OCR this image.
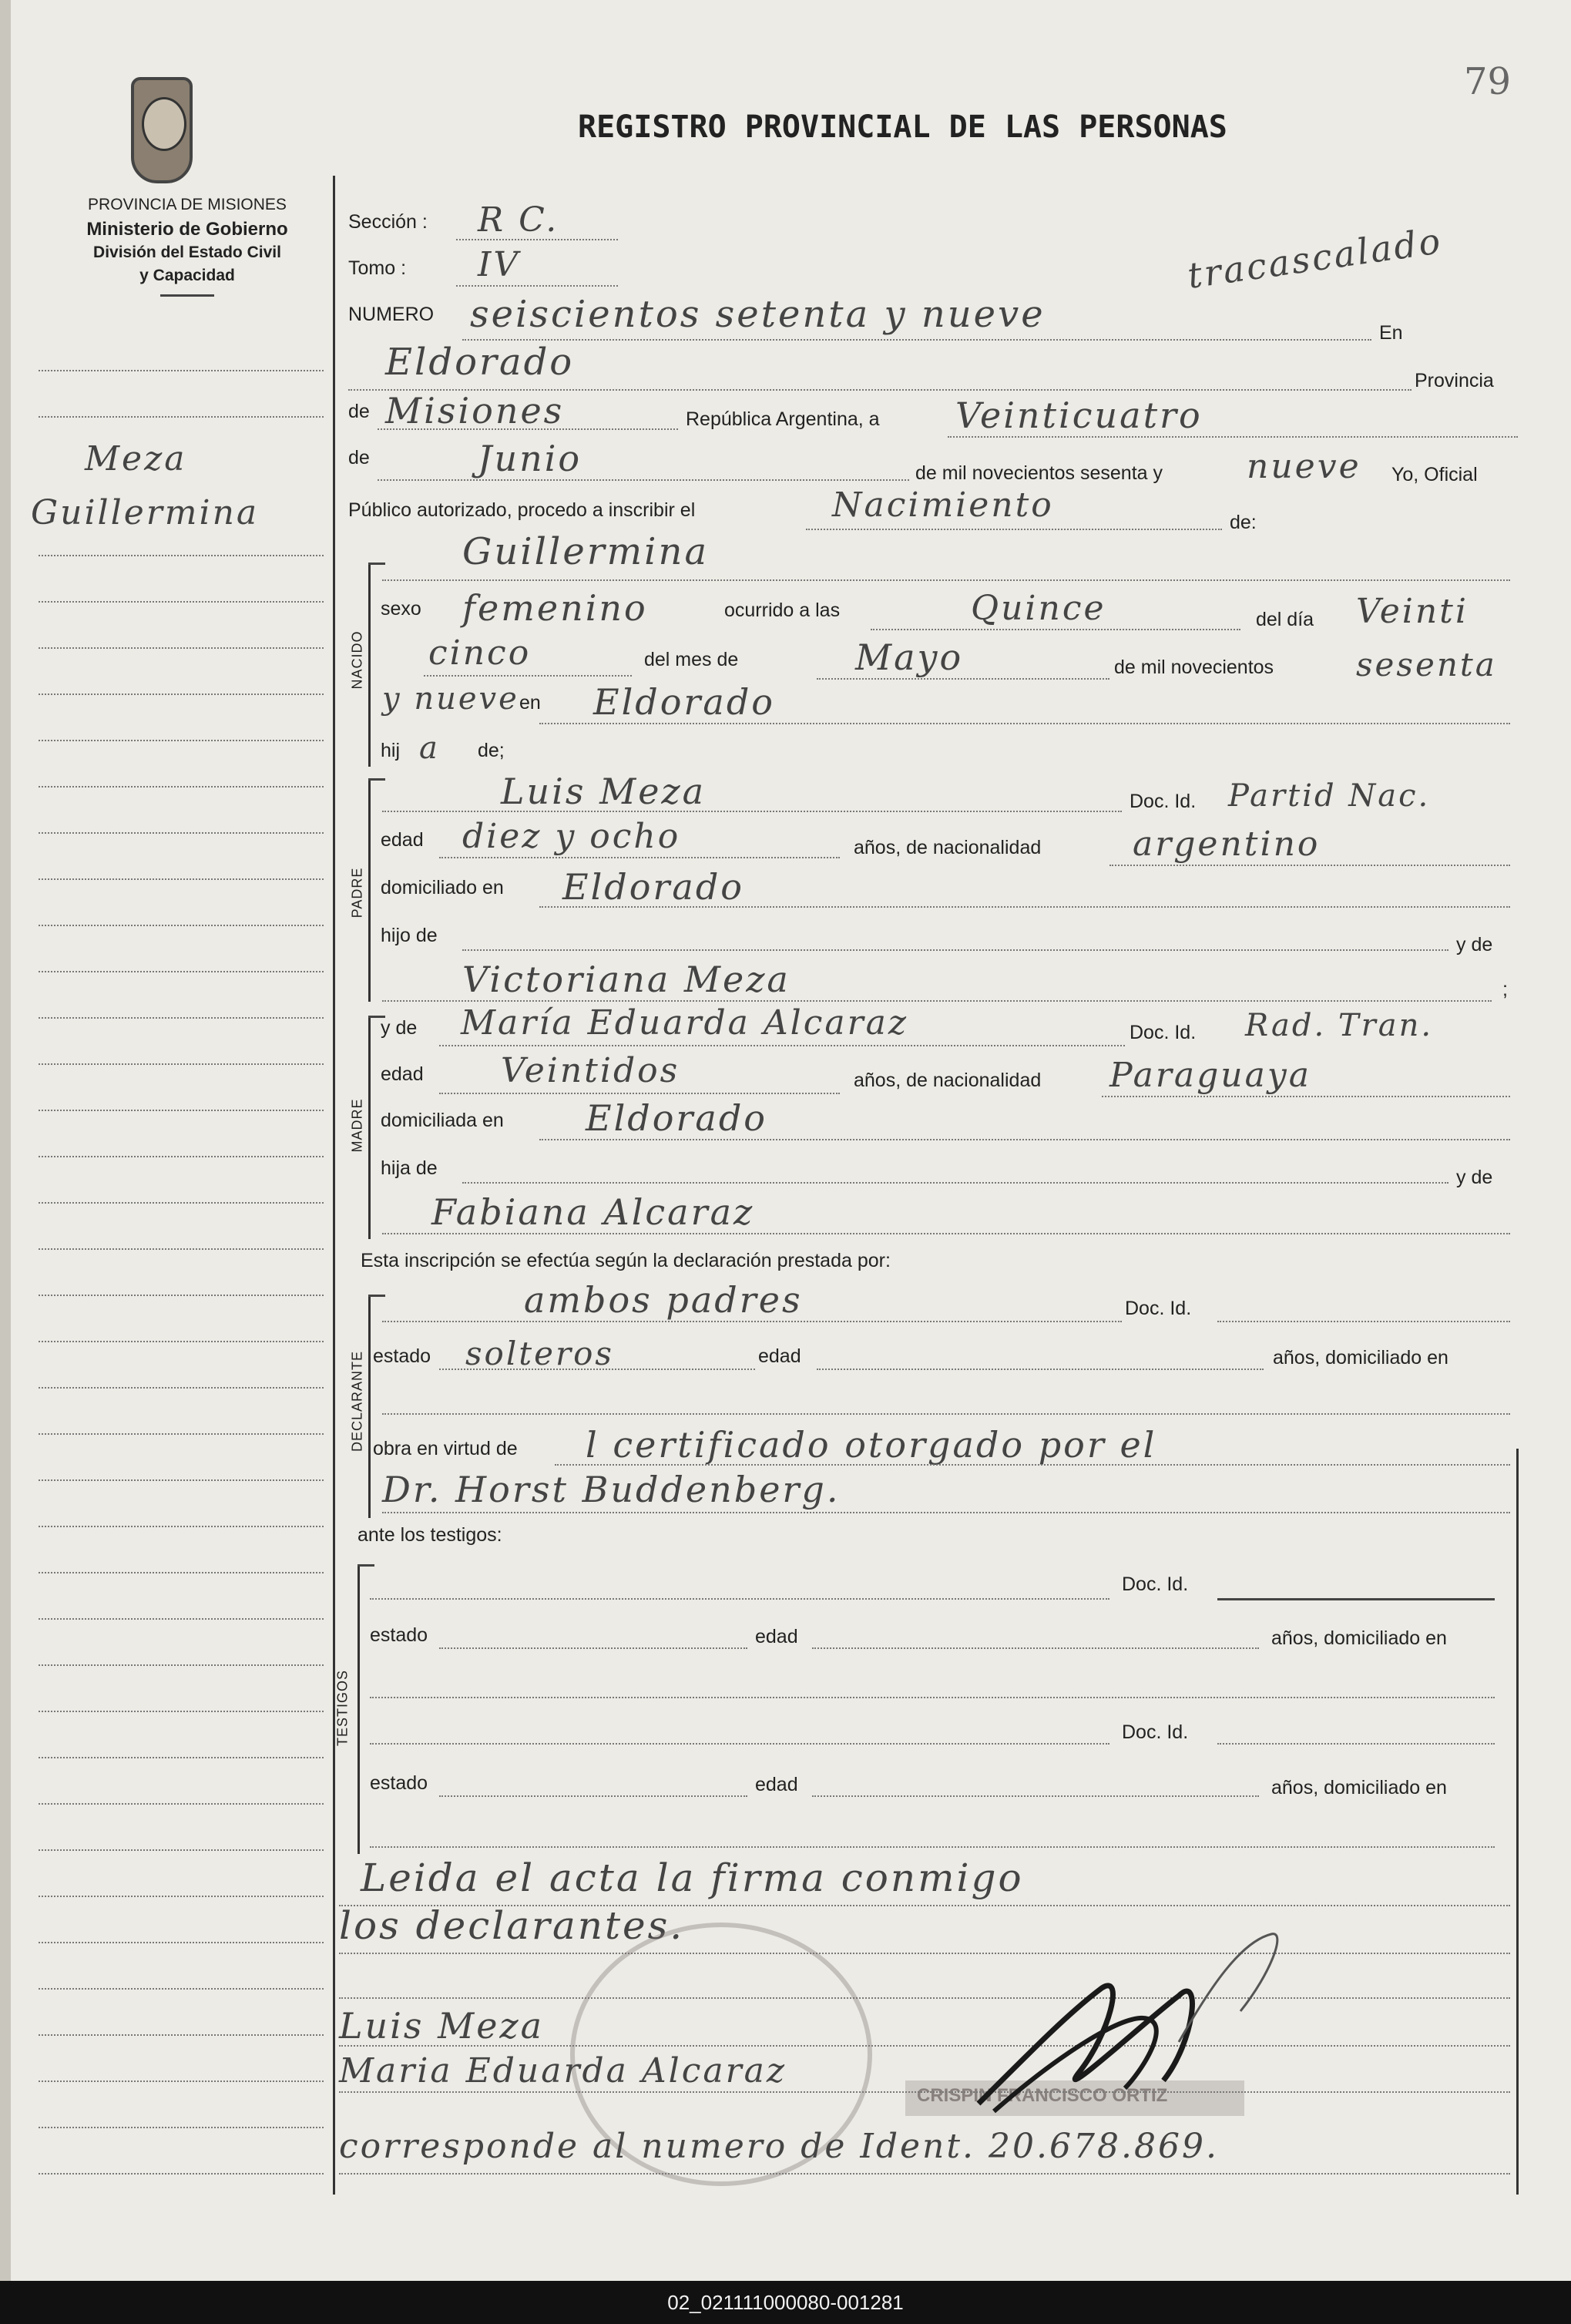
79
PROVINCIA DE MISIONES
Ministerio de Gobierno
División del Estado Civil
y Capacidad
REGISTRO PROVINCIAL DE LAS PERSONAS
tracascalado
Meza
Guillermina
Sección : R C.
Tomo : IV
NUMERO seiscientos setenta y nueve	En
Eldorado	Provincia
de Misiones	República Argentina, a Veinticuatro
de	Junio	de mil novecientos sesenta y nueve Yo, Oficial
Público autorizado, procedo a inscribir el	Nacimiento	de:
NACIDO
Guillermina
sexo femenino	ocurrido a las	Quince	del día Veinti
cinco	del mes de	Mayo	de mil novecientos	sesenta
y nueve en Eldorado
hij a de;
PADRE
Luis Meza	Doc. Id. Partid Nac.
edad diez y ocho	años, de nacionalidad	argentino
domiciliado en Eldorado
hijo de	y de
Victoriana Meza	;
MADRE
y de María Eduarda Alcaraz	Doc. Id. Rad. Tran.
edad Veintidos	años, de nacionalidad Paraguaya
domiciliada en Eldorado
hija de	y de
Fabiana Alcaraz
Esta inscripción se efectúa según la declaración prestada por:
DECLARANTE
ambos padres	Doc. Id.
estado solteros	edad	años, domiciliado en
obra en virtud de l certificado otorgado por el
Dr. Horst Buddenberg.
ante los testigos:
TESTIGOS
Doc. Id.
estado	edad	años, domiciliado en
Doc. Id.
estado	edad	años, domiciliado en
Leida el acta la firma conmigo
los declarantes.
CRISPIN FRANCISCO ORTIZ
Luis Meza
Maria Eduarda Alcaraz
corresponde al numero de Ident. 20.678.869.
02_021111000080-001281
